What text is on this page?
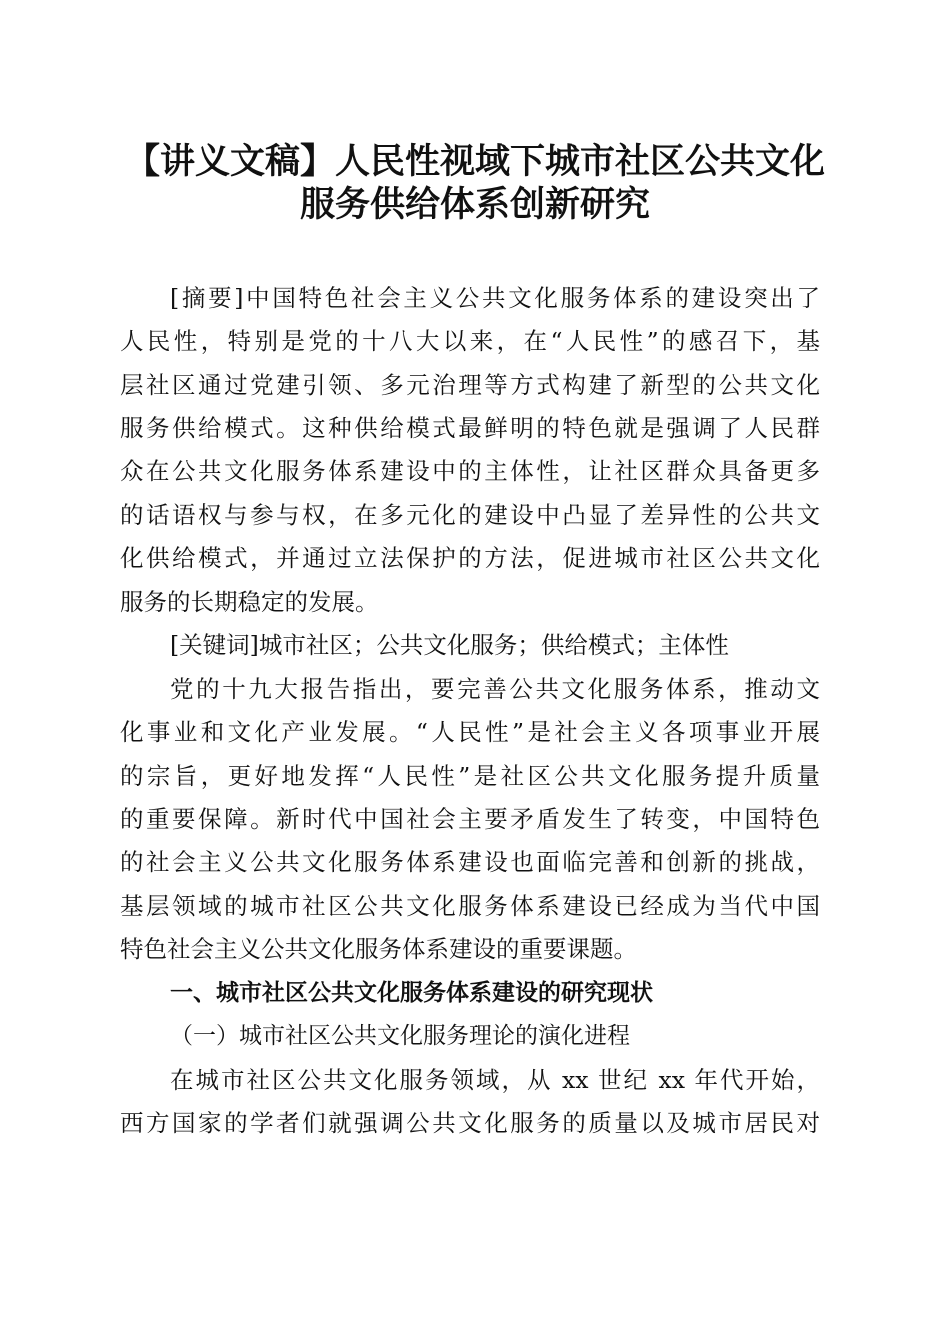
【讲义文稿】人民性视域下城市社区公共文化
服务供给体系创新研究
[摘要]中国特色社会主义公共文化服务体系的建设突出了
人民性，特别是党的十八大以来，在“人民性”的感召下，基
层社区通过党建引领、多元治理等方式构建了新型的公共文化
服务供给模式。这种供给模式最鲜明的特色就是强调了人民群
众在公共文化服务体系建设中的主体性，让社区群众具备更多
的话语权与参与权，在多元化的建设中凸显了差异性的公共文
化供给模式，并通过立法保护的方法，促进城市社区公共文化
服务的长期稳定的发展。
[关键词]城市社区；公共文化服务；供给模式；主体性
党的十九大报告指出，要完善公共文化服务体系，推动文
化事业和文化产业发展。“人民性”是社会主义各项事业开展
的宗旨，更好地发挥“人民性”是社区公共文化服务提升质量
的重要保障。新时代中国社会主要矛盾发生了转变，中国特色
的社会主义公共文化服务体系建设也面临完善和创新的挑战，
基层领域的城市社区公共文化服务体系建设已经成为当代中国
特色社会主义公共文化服务体系建设的重要课题。
一、城市社区公共文化服务体系建设的研究现状
（一）城市社区公共文化服务理论的演化进程
在城市社区公共文化服务领域，从 xx 世纪 xx 年代开始，
西方国家的学者们就强调公共文化服务的质量以及城市居民对
